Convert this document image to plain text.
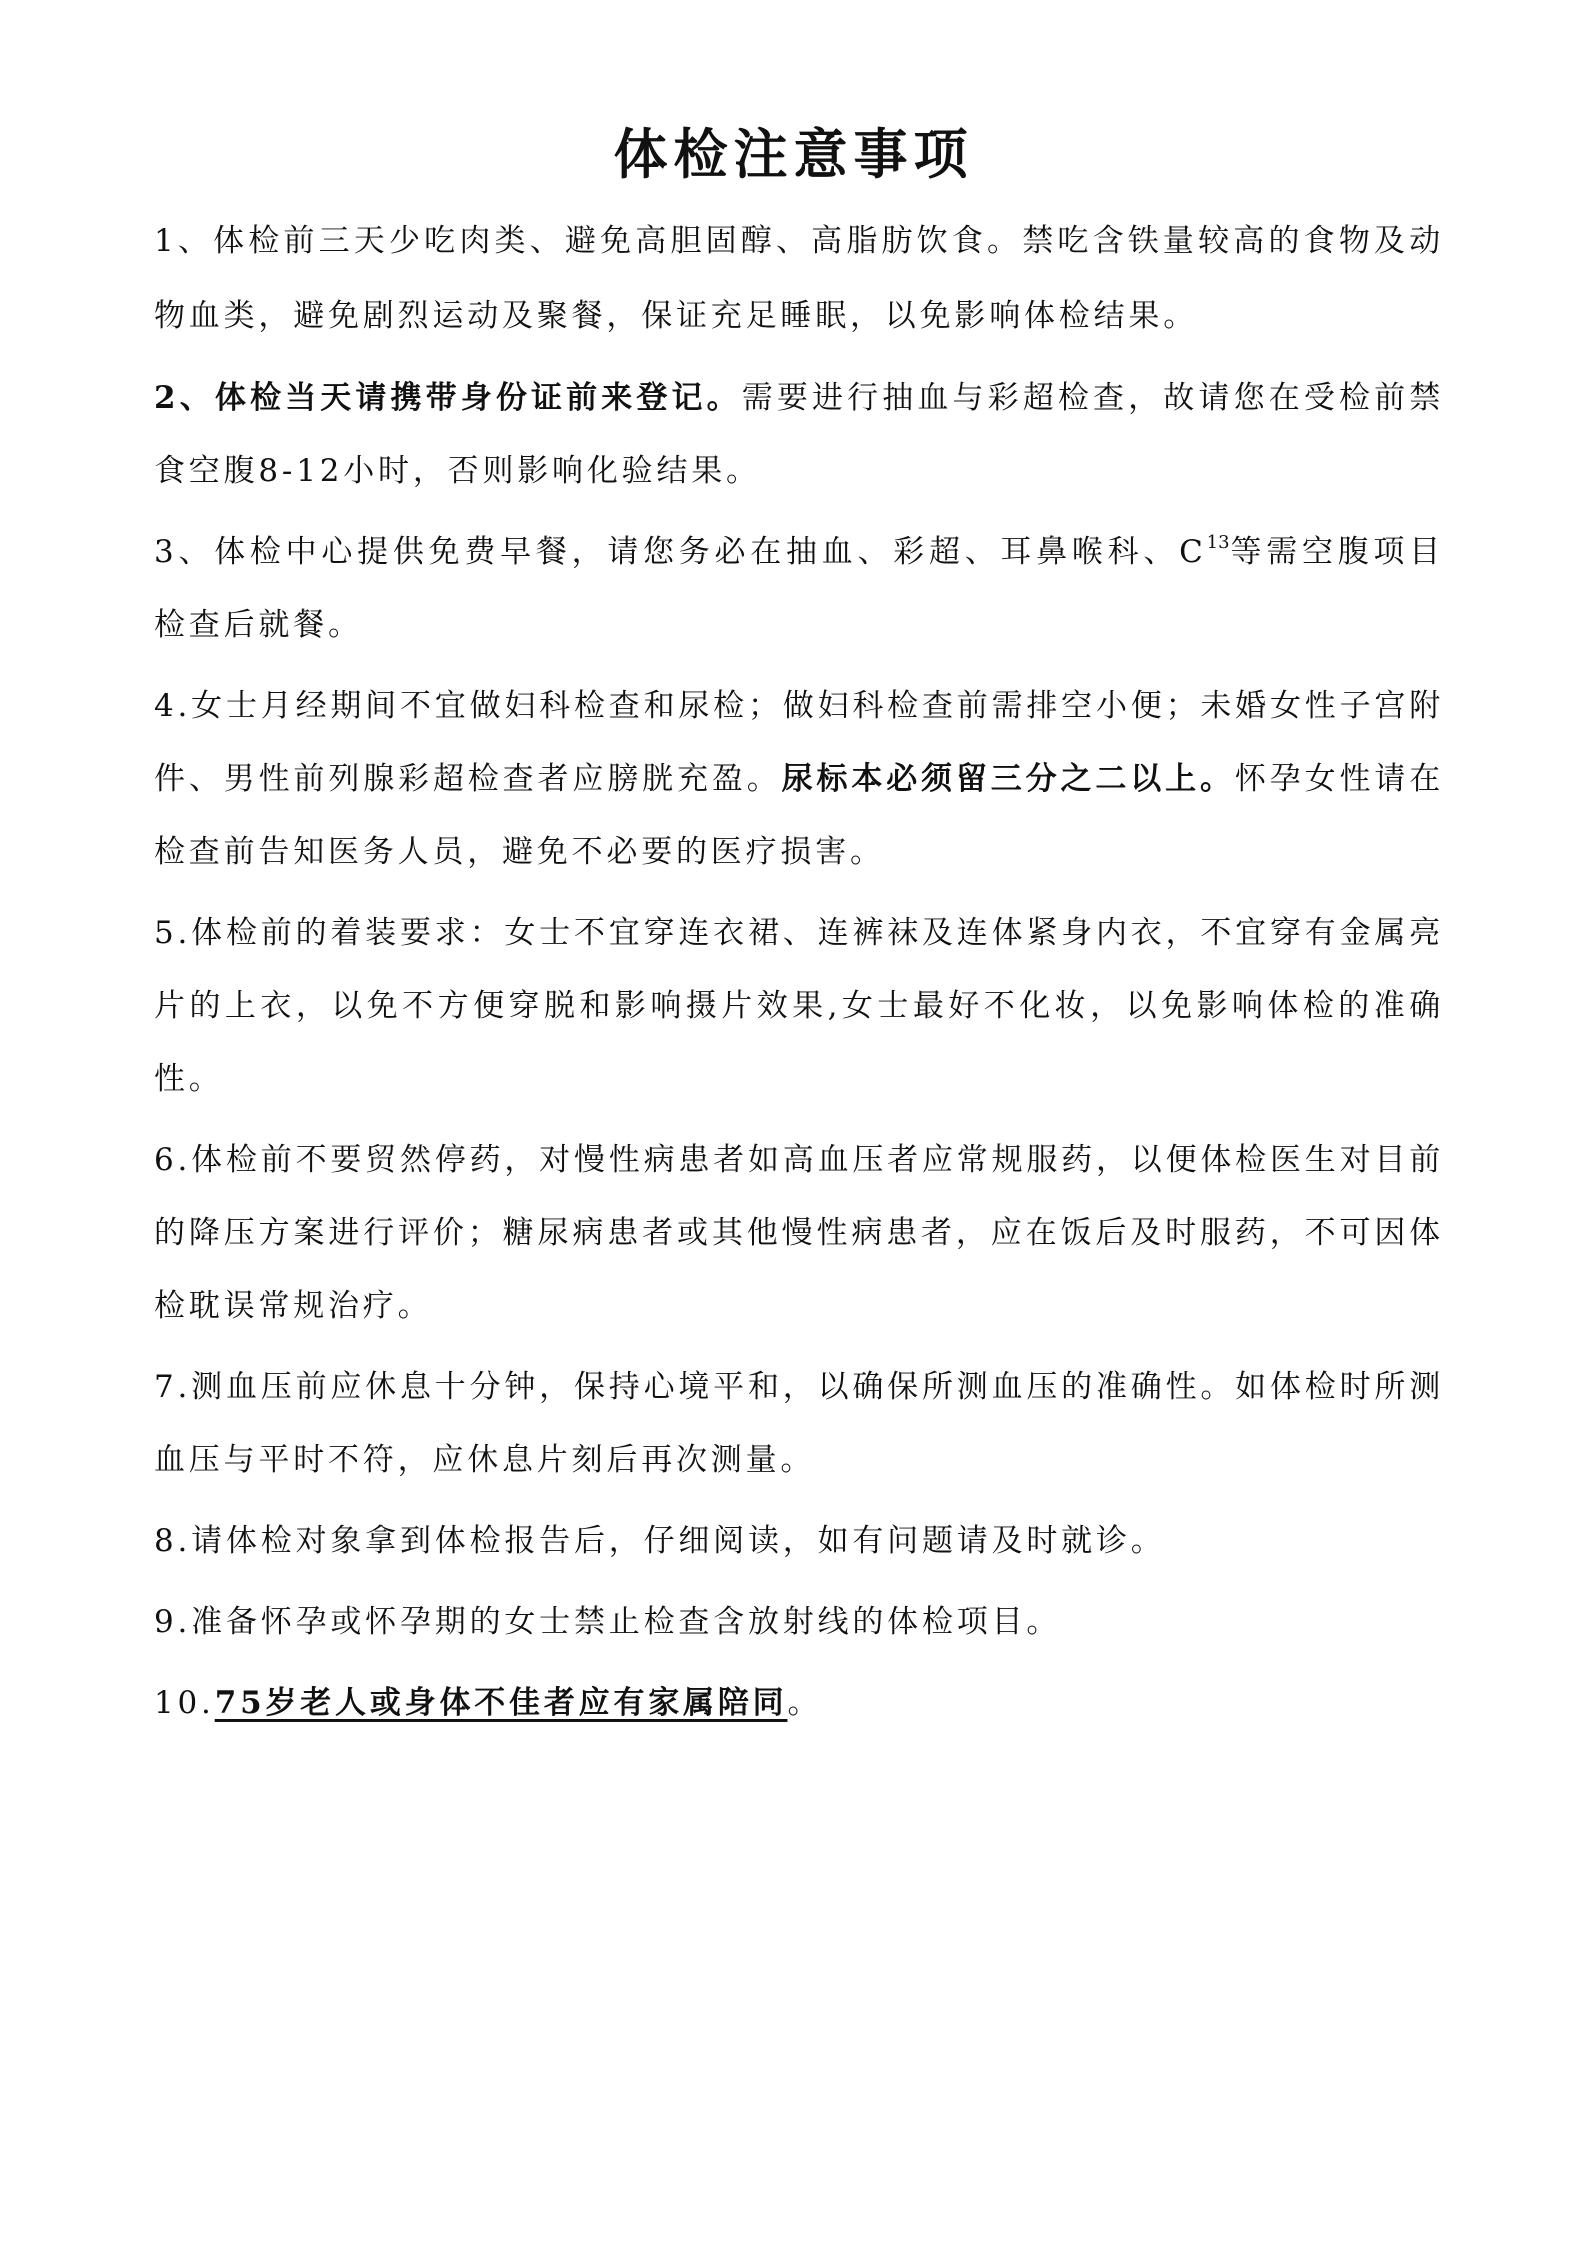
体检注意事项
1、体检前三天少吃肉类、避免高胆固醇、高脂肪饮食。禁吃含铁量较高的食物及动物血类，避免剧烈运动及聚餐，保证充足睡眠，以免影响体检结果。
2、体检当天请携带身份证前来登记。需要进行抽血与彩超检查，故请您在受检前禁食空腹8-12小时，否则影响化验结果。
3、体检中心提供免费早餐，请您务必在抽血、彩超、耳鼻喉科、$C^{13}$等需空腹项目检查后就餐。
4.女士月经期间不宜做妇科检查和尿检；做妇科检查前需排空小便；未婚女性子宫附件、男性前列腺彩超检查者应膀胱充盈。尿标本必须留三分之二以上。怀孕女性请在检查前告知医务人员，避免不必要的医疗损害。
5.体检前的着装要求：女士不宜穿连衣裙、连裤袜及连体紧身内衣，不宜穿有金属亮片的上衣，以免不方便穿脱和影响摄片效果,女士最好不化妆，以免影响体检的准确性。
6.体检前不要贸然停药，对慢性病患者如高血压者应常规服药，以便体检医生对目前的降压方案进行评价；糖尿病患者或其他慢性病患者，应在饭后及时服药，不可因体检耽误常规治疗。
7.测血压前应休息十分钟，保持心境平和，以确保所测血压的准确性。如体检时所测血压与平时不符，应休息片刻后再次测量。
8.请体检对象拿到体检报告后，仔细阅读，如有问题请及时就诊。
9.准备怀孕或怀孕期的女士禁止检查含放射线的体检项目。
10.75岁老人或身体不佳者应有家属陪同。
